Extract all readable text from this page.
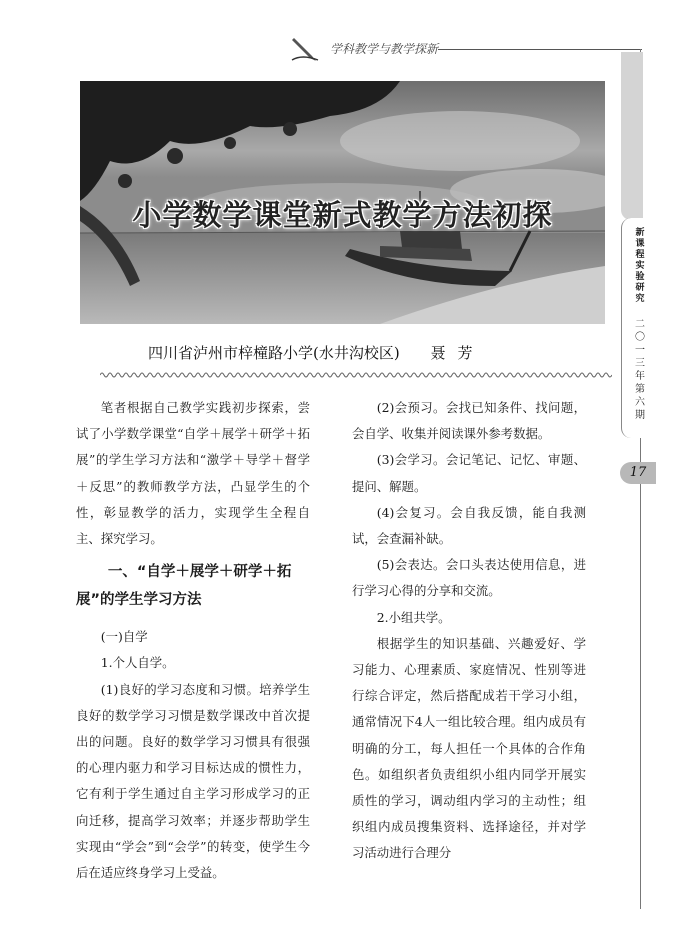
学科教学与教学探新
新
课
程
实
验
研
究
二
〇
一
三
年
第
六
期
17
小学数学课堂新式教学方法初探
四川省泸州市梓橦路小学(水井沟校区) 聂芳

笔者根据自己教学实践初步探索，尝试了小学数学课堂“自学＋展学＋研学＋拓展”的学生学习方法和“激学＋导学＋督学＋反思”的教师教学方法，凸显学生的个性，彰显教学的活力，实现学生全程自主、探究学习。

一、“自学＋展学＋研学＋拓
展”的学生学习方法

(一)自学

1.个人自学。

(1)良好的学习态度和习惯。培养学生良好的数学学习习惯是数学课改中首次提出的问题。良好的数学学习习惯具有很强的心理内驱力和学习目标达成的惯性力，它有利于学生通过自主学习形成学习的正向迁移，提高学习效率；并逐步帮助学生实现由“学会”到“会学”的转变，使学生今后在适应终身学习上受益。

(2)会预习。会找已知条件、找问题，会自学、收集并阅读课外参考数据。

(3)会学习。会记笔记、记忆、审题、提问、解题。

(4)会复习。会自我反馈，能自我测试，会查漏补缺。

(5)会表达。会口头表达使用信息，进行学习心得的分享和交流。

2.小组共学。

根据学生的知识基础、兴趣爱好、学习能力、心理素质、家庭情况、性别等进行综合评定，然后搭配成若干学习小组，通常情况下4人一组比较合理。组内成员有明确的分工，每人担任一个具体的合作角色。如组织者负责组织小组内同学开展实质性的学习，调动组内学习的主动性；组织组内成员搜集资料、选择途径，并对学习活动进行合理分
